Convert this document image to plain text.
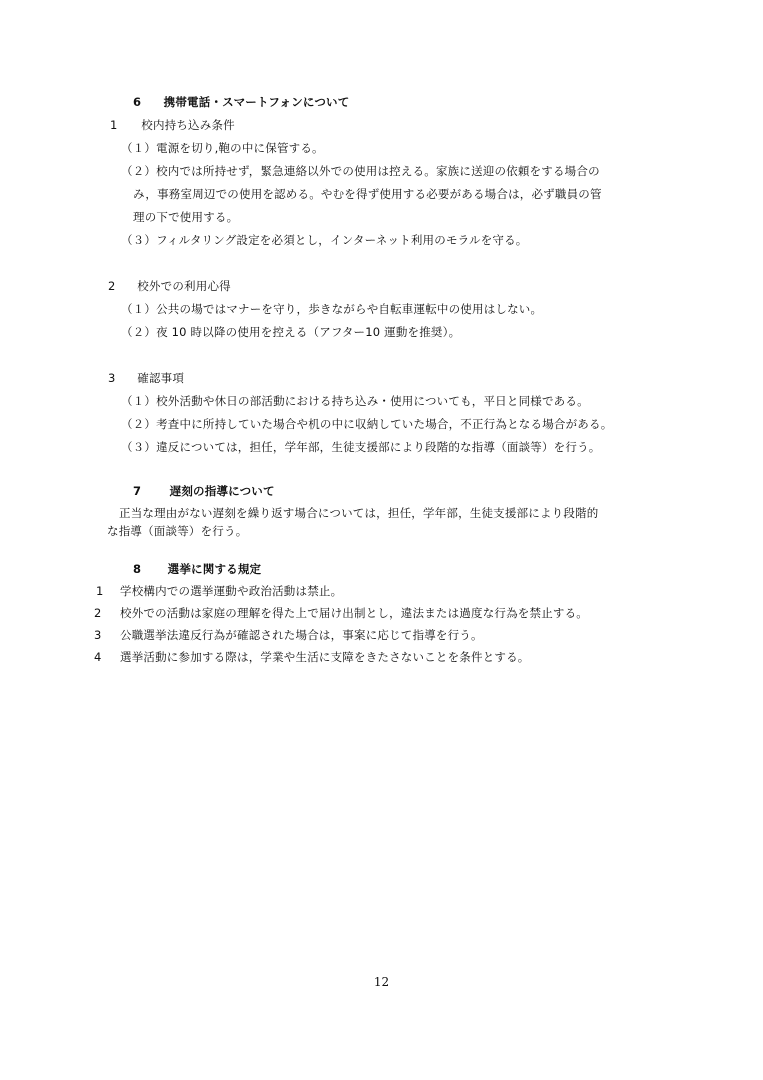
6 携帯電話・スマートフォンについて
1 校内持ち込み条件
（１）電源を切り,鞄の中に保管する。
（２）校内では所持せず，緊急連絡以外での使用は控える。家族に送迎の依頼をする場合の
み，事務室周辺での使用を認める。やむを得ず使用する必要がある場合は，必ず職員の管
理の下で使用する。
（３）フィルタリング設定を必須とし，インターネット利用のモラルを守る。
2 校外での利用心得
（１）公共の場ではマナーを守り，歩きながらや自転車運転中の使用はしない。
（２）夜 10 時以降の使用を控える（アフター10 運動を推奨）。
3 確認事項
（１）校外活動や休日の部活動における持ち込み・使用についても，平日と同様である。
（２）考査中に所持していた場合や机の中に収納していた場合，不正行為となる場合がある。
（３）違反については，担任，学年部，生徒支援部により段階的な指導（面談等）を行う。
7 遅刻の指導について
正当な理由がない遅刻を繰り返す場合については，担任，学年部，生徒支援部により段階的
な指導（面談等）を行う。
8 選挙に関する規定
1 学校構内での選挙運動や政治活動は禁止。
2 校外での活動は家庭の理解を得た上で届け出制とし，違法または過度な行為を禁止する。
3 公職選挙法違反行為が確認された場合は，事案に応じて指導を行う。
4 選挙活動に参加する際は，学業や生活に支障をきたさないことを条件とする。
12
